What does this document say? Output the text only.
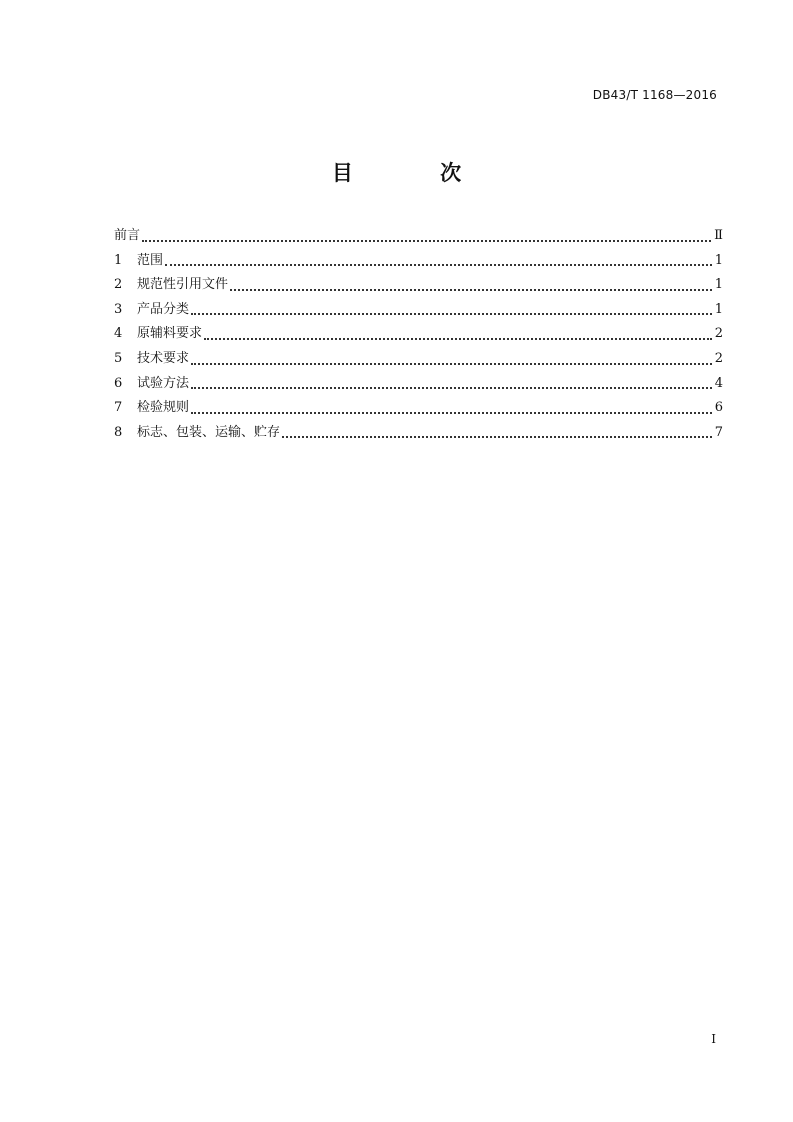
DB43/T 1168—2016
目 次
前言	Ⅱ
1	范围	1
2	规范性引用文件	1
3	产品分类	1
4	原辅料要求	2
5	技术要求	2
6	试验方法	4
7	检验规则	6
8	标志、包装、运输、贮存	7
I
